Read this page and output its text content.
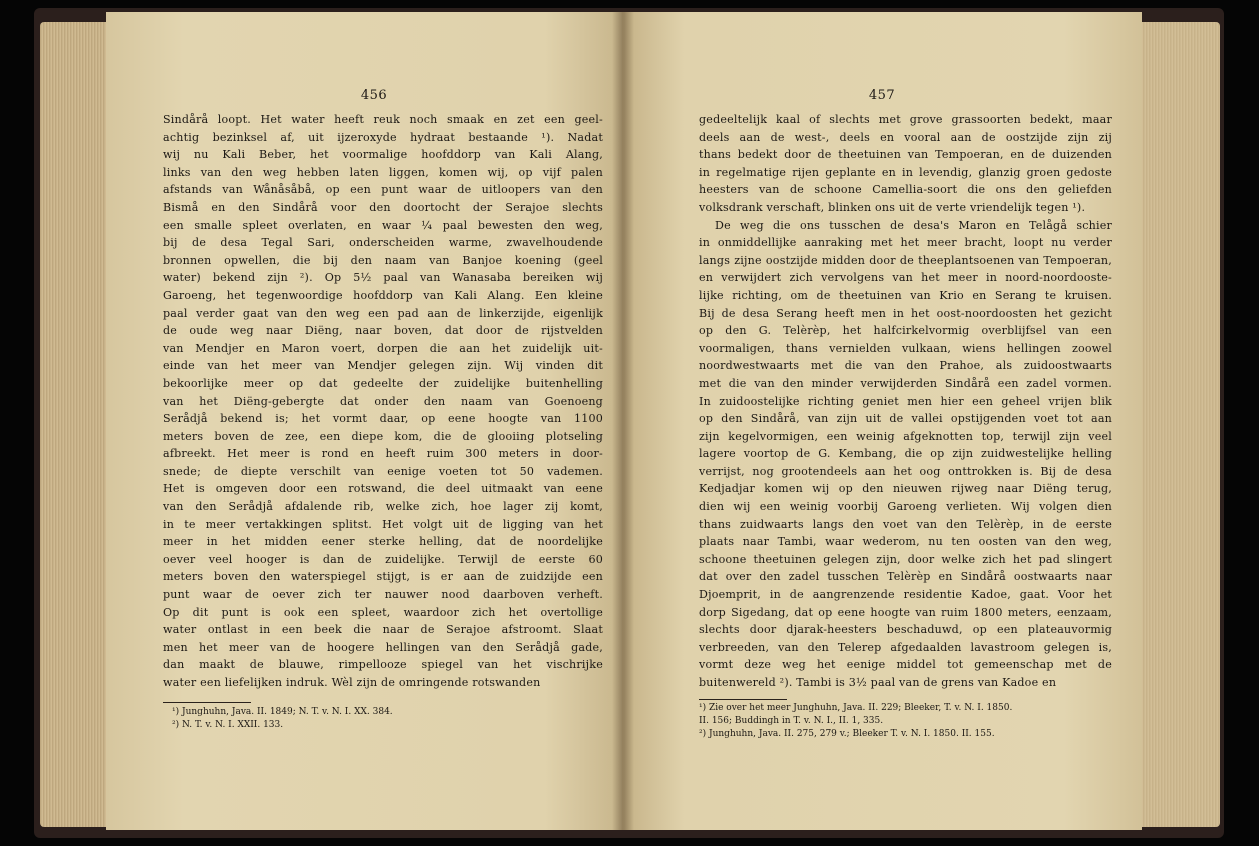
456
Sindårå loopt. Het water heeft reuk noch smaak en zet een geel-
achtig bezinksel af, uit ijzeroxyde hydraat bestaande ¹). Nadat
wij nu Kali Beber, het voormalige hoofddorp van Kali Alang,
links van den weg hebben laten liggen, komen wij, op vijf palen
afstands van Wånåsåbå, op een punt waar de uitloopers van den
Bismå en den Sindårå voor den doortocht der Serajoe slechts
een smalle spleet overlaten, en waar ¼ paal bewesten den weg,
bij de desa Tegal Sari, onderscheiden warme, zwavelhoudende
bronnen opwellen, die bij den naam van Banjoe koening (geel
water) bekend zijn ²). Op 5½ paal van Wanasaba bereiken wij
Garoeng, het tegenwoordige hoofddorp van Kali Alang. Een kleine
paal verder gaat van den weg een pad aan de linkerzijde, eigenlijk
de oude weg naar Diëng, naar boven, dat door de rijstvelden
van Mendjer en Maron voert, dorpen die aan het zuidelijk uit-
einde van het meer van Mendjer gelegen zijn. Wij vinden dit
bekoorlijke meer op dat gedeelte der zuidelijke buitenhelling
van het Diëng-gebergte dat onder den naam van Goenoeng
Serådjå bekend is; het vormt daar, op eene hoogte van 1100
meters boven de zee, een diepe kom, die de glooiing plotseling
afbreekt. Het meer is rond en heeft ruim 300 meters in door-
snede; de diepte verschilt van eenige voeten tot 50 vademen.
Het is omgeven door een rotswand, die deel uitmaakt van eene
van den Serådjå afdalende rib, welke zich, hoe lager zij komt,
in te meer vertakkingen splitst. Het volgt uit de ligging van het
meer in het midden eener sterke helling, dat de noordelijke
oever veel hooger is dan de zuidelijke. Terwijl de eerste 60
meters boven den waterspiegel stijgt, is er aan de zuidzijde een
punt waar de oever zich ter nauwer nood daarboven verheft.
Op dit punt is ook een spleet, waardoor zich het overtollige
water ontlast in een beek die naar de Serajoe afstroomt. Slaat
men het meer van de hoogere hellingen van den Serådjå gade,
dan maakt de blauwe, rimpellooze spiegel van het vischrijke
water een liefelijken indruk. Wèl zijn de omringende rotswanden
¹) Junghuhn, Java. II. 1849; N. T. v. N. I. XX. 384.
²) N. T. v. N. I. XXII. 133.
457
gedeeltelijk kaal of slechts met grove grassoorten bedekt, maar
deels aan de west-, deels en vooral aan de oostzijde zijn zij
thans bedekt door de theetuinen van Tempoeran, en de duizenden
in regelmatige rijen geplante en in levendig, glanzig groen gedoste
heesters van de schoone Camellia-soort die ons den geliefden
volksdrank verschaft, blinken ons uit de verte vriendelijk tegen ¹).
De weg die ons tusschen de desa's Maron en Telågå schier
in onmiddellijke aanraking met het meer bracht, loopt nu verder
langs zijne oostzijde midden door de theeplantsoenen van Tempoeran,
en verwijdert zich vervolgens van het meer in noord-noordooste-
lijke richting, om de theetuinen van Krio en Serang te kruisen.
Bij de desa Serang heeft men in het oost-noordoosten het gezicht
op den G. Telèrèp, het halfcirkelvormig overblijfsel van een
voormaligen, thans vernielden vulkaan, wiens hellingen zoowel
noordwestwaarts met die van den Prahoe, als zuidoostwaarts
met die van den minder verwijderden Sindårå een zadel vormen.
In zuidoostelijke richting geniet men hier een geheel vrijen blik
op den Sindårå, van zijn uit de vallei opstijgenden voet tot aan
zijn kegelvormigen, een weinig afgeknotten top, terwijl zijn veel
lagere voortop de G. Kembang, die op zijn zuidwestelijke helling
verrijst, nog grootendeels aan het oog onttrokken is. Bij de desa
Kedjadjar komen wij op den nieuwen rijweg naar Diëng terug,
dien wij een weinig voorbij Garoeng verlieten. Wij volgen dien
thans zuidwaarts langs den voet van den Telèrèp, in de eerste
plaats naar Tambi, waar wederom, nu ten oosten van den weg,
schoone theetuinen gelegen zijn, door welke zich het pad slingert
dat over den zadel tusschen Telèrèp en Sindårå oostwaarts naar
Djoemprit, in de aangrenzende residentie Kadoe, gaat. Voor het
dorp Sigedang, dat op eene hoogte van ruim 1800 meters, eenzaam,
slechts door djarak-heesters beschaduwd, op een plateauvormig
verbreeden, van den Telerep afgedaalden lavastroom gelegen is,
vormt deze weg het eenige middel tot gemeenschap met de
buitenwereld ²). Tambi is 3½ paal van de grens van Kadoe en
¹) Zie over het meer Junghuhn, Java. II. 229; Bleeker, T. v. N. I. 1850.
II. 156; Buddingh in T. v. N. I., II. 1, 335.
²) Junghuhn, Java. II. 275, 279 v.; Bleeker T. v. N. I. 1850. II. 155.
